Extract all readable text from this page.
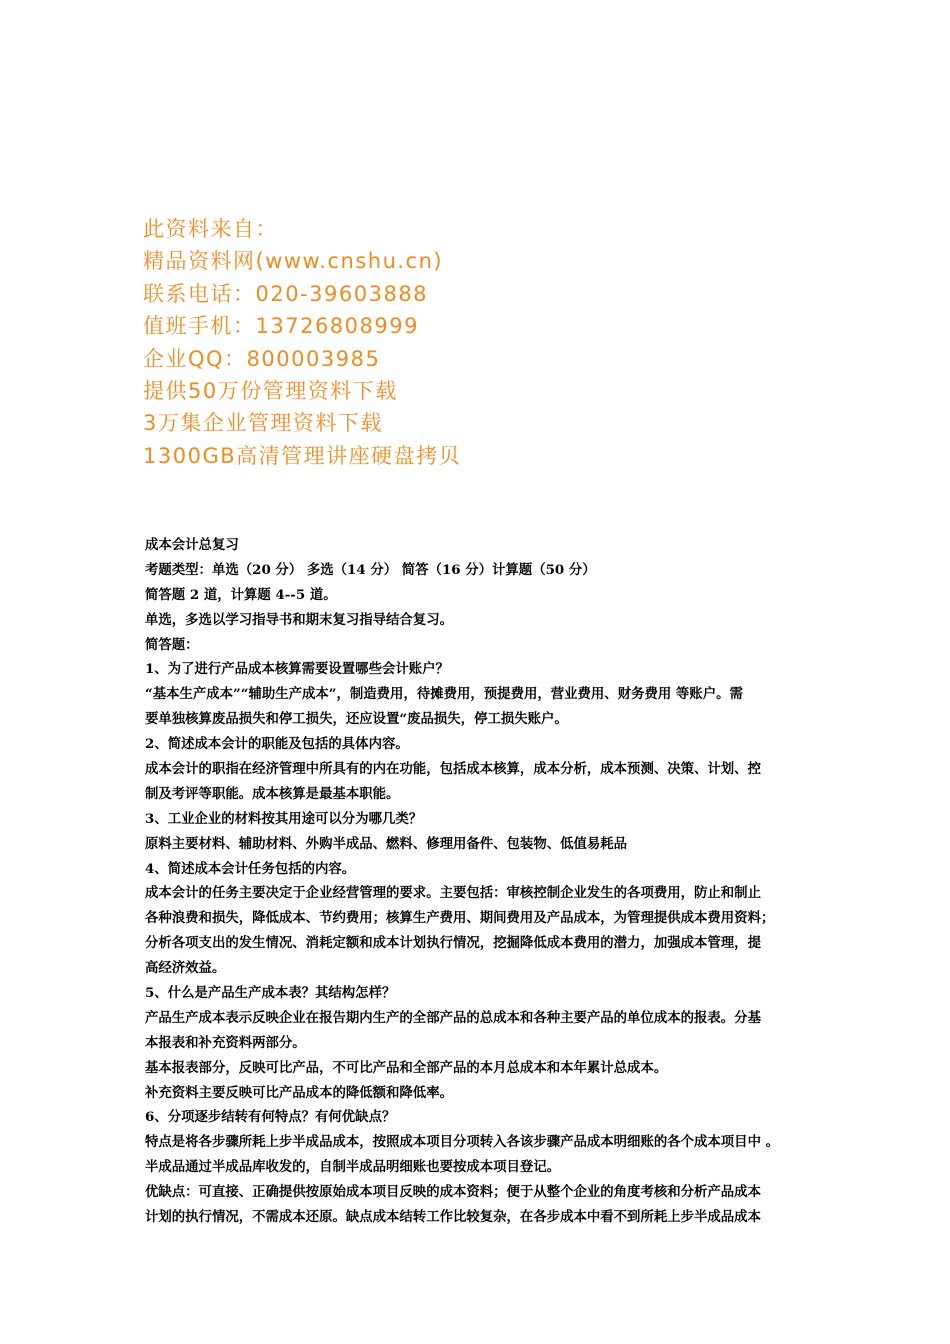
此资料来自：

精品资料网(www.cnshu.cn)

联系电话：020-39603888

值班手机：13726808999

企业QQ：800003985

提供50万份管理资料下载

3万集企业管理资料下载

1300GB高清管理讲座硬盘拷贝

成本会计总复习

考题类型：单选（20 分） 多选（14 分） 简答（16 分）计算题（50 分）

简答题 2 道，计算题 4--5 道。

单选，多选以学习指导书和期末复习指导结合复习。

简答题：

1、为了进行产品成本核算需要设置哪些会计账户？

“基本生产成本”“辅助生产成本”，制造费用，待摊费用，预提费用，营业费用、财务费用 等账户。需

要单独核算废品损失和停工损失，还应设置“废品损失，停工损失账户。

2、简述成本会计的职能及包括的具体内容。

成本会计的职指在经济管理中所具有的内在功能，包括成本核算，成本分析，成本预测、决策、计划、控

制及考评等职能。成本核算是最基本职能。

3、工业企业的材料按其用途可以分为哪几类？

原料主要材料、辅助材料、外购半成品、燃料、修理用备件、包装物、低值易耗品

4、简述成本会计任务包括的内容。

成本会计的任务主要决定于企业经营管理的要求。主要包括：审核控制企业发生的各项费用，防止和制止

各种浪费和损失，降低成本、节约费用；核算生产费用、期间费用及产品成本，为管理提供成本费用资料；

分析各项支出的发生情况、消耗定额和成本计划执行情况，挖掘降低成本费用的潜力，加强成本管理，提

高经济效益。

5、什么是产品生产成本表？其结构怎样？

产品生产成本表示反映企业在报告期内生产的全部产品的总成本和各种主要产品的单位成本的报表。分基

本报表和补充资料两部分。

基本报表部分，反映可比产品，不可比产品和全部产品的本月总成本和本年累计总成本。

补充资料主要反映可比产品成本的降低额和降低率。

6、分项逐步结转有何特点？有何优缺点？

特点是将各步骤所耗上步半成品成本，按照成本项目分项转入各该步骤产品成本明细账的各个成本项目中 。

半成品通过半成品库收发的，自制半成品明细账也要按成本项目登记。

优缺点：可直接、正确提供按原始成本项目反映的成本资料；便于从整个企业的角度考核和分析产品成本

计划的执行情况，不需成本还原。缺点成本结转工作比较复杂，在各步成本中看不到所耗上步半成品成本
